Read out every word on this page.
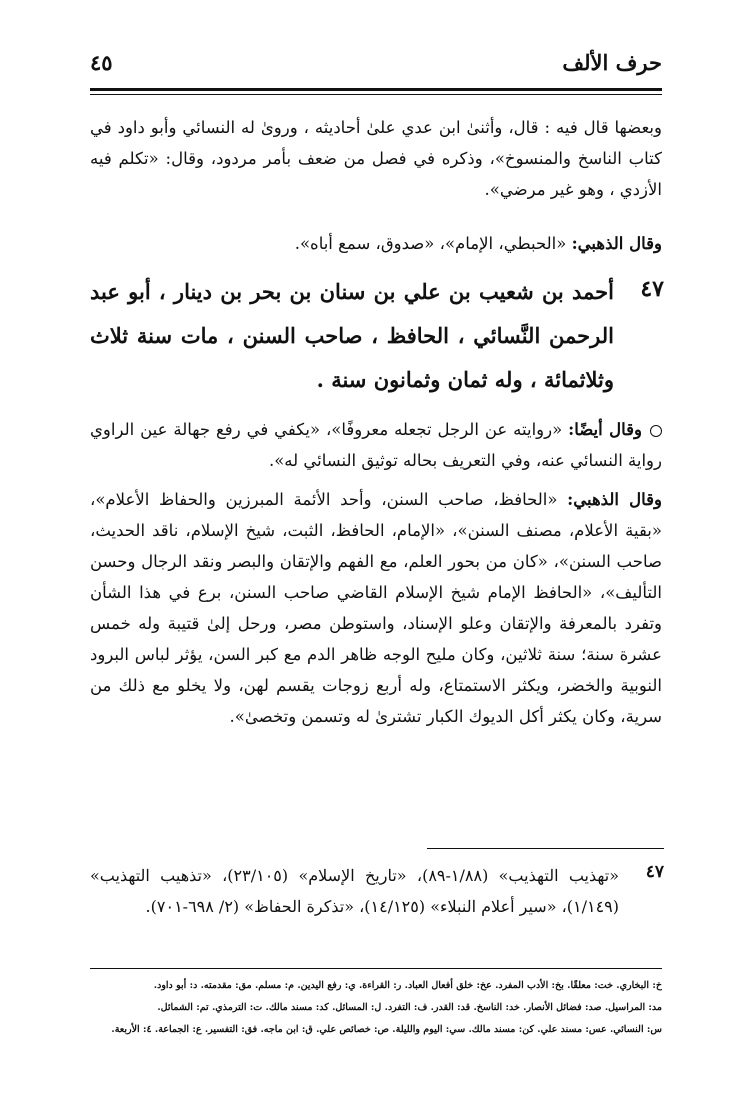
حرف الألف
٤٥
وبعضها قال فيه : قال، وأثنىٰ ابن عدي علىٰ أحاديثه ، وروىٰ له النسائي وأبو داود في كتاب الناسخ والمنسوخ»، وذكره في فصل من ضعف بأمر مردود، وقال: «تكلم فيه الأزدي ، وهو غير مرضي».
وقال الذهبي: «الحبطي، الإمام»، «صدوق، سمع أباه».
٤٧
أحمد بن شعيب بن علي بن سنان بن بحر بن دينار ، أبو عبد الرحمن النَّسائي ، الحافظ ، صاحب السنن ، مات سنة ثلاث وثلاثمائة ، وله ثمان وثمانون سنة .
وقال أيضًا: «روايته عن الرجل تجعله معروفًا»، «يكفي في رفع جهالة عين الراوي رواية النسائي عنه، وفي التعريف بحاله توثيق النسائي له».
وقال الذهبي: «الحافظ، صاحب السنن، وأحد الأئمة المبرزين والحفاظ الأعلام»، «بقية الأعلام، مصنف السنن»، «الإمام، الحافظ، الثبت، شيخ الإسلام، ناقد الحديث، صاحب السنن»، «كان من بحور العلم، مع الفهم والإتقان والبصر ونقد الرجال وحسن التأليف»، «الحافظ الإمام شيخ الإسلام القاضي صاحب السنن، برع في هذا الشأن وتفرد بالمعرفة والإتقان وعلو الإسناد، واستوطن مصر، ورحل إلىٰ قتيبة وله خمس عشرة سنة؛ سنة ثلاثين، وكان مليح الوجه ظاهر الدم مع كبر السن، يؤثر لباس البرود النوبية والخضر، ويكثر الاستمتاع، وله أربع زوجات يقسم لهن، ولا يخلو مع ذلك من سرية، وكان يكثر أكل الديوك الكبار تشترىٰ له وتسمن وتخصىٰ».
٤٧
«تهذيب التهذيب» (١/٨٨-٨٩)، «تاريخ الإسلام» (٢٣/١٠٥)، «تذهيب التهذيب» (١/١٤٩)، «سير أعلام النبلاء» (١٤/١٢٥)، «تذكرة الحفاظ» (٢/ ٦٩٨-٧٠١).
خ: البخاري. خت: معلقًا. بخ: الأدب المفرد. عخ: خلق أفعال العباد. ر: القراءة. ي: رفع اليدين. م: مسلم. مق: مقدمته. د: أبو داود.
مد: المراسيل. صد: فضائل الأنصار. خد: الناسخ. قد: القدر. ف: التفرد. ل: المسائل. كد: مسند مالك. ت: الترمذي. تم: الشمائل.
س: النسائي. عس: مسند علي. كن: مسند مالك. سي: اليوم والليلة. ص: خصائص علي. ق: ابن ماجه. فق: التفسير. ع: الجماعة. ٤: الأربعة.
